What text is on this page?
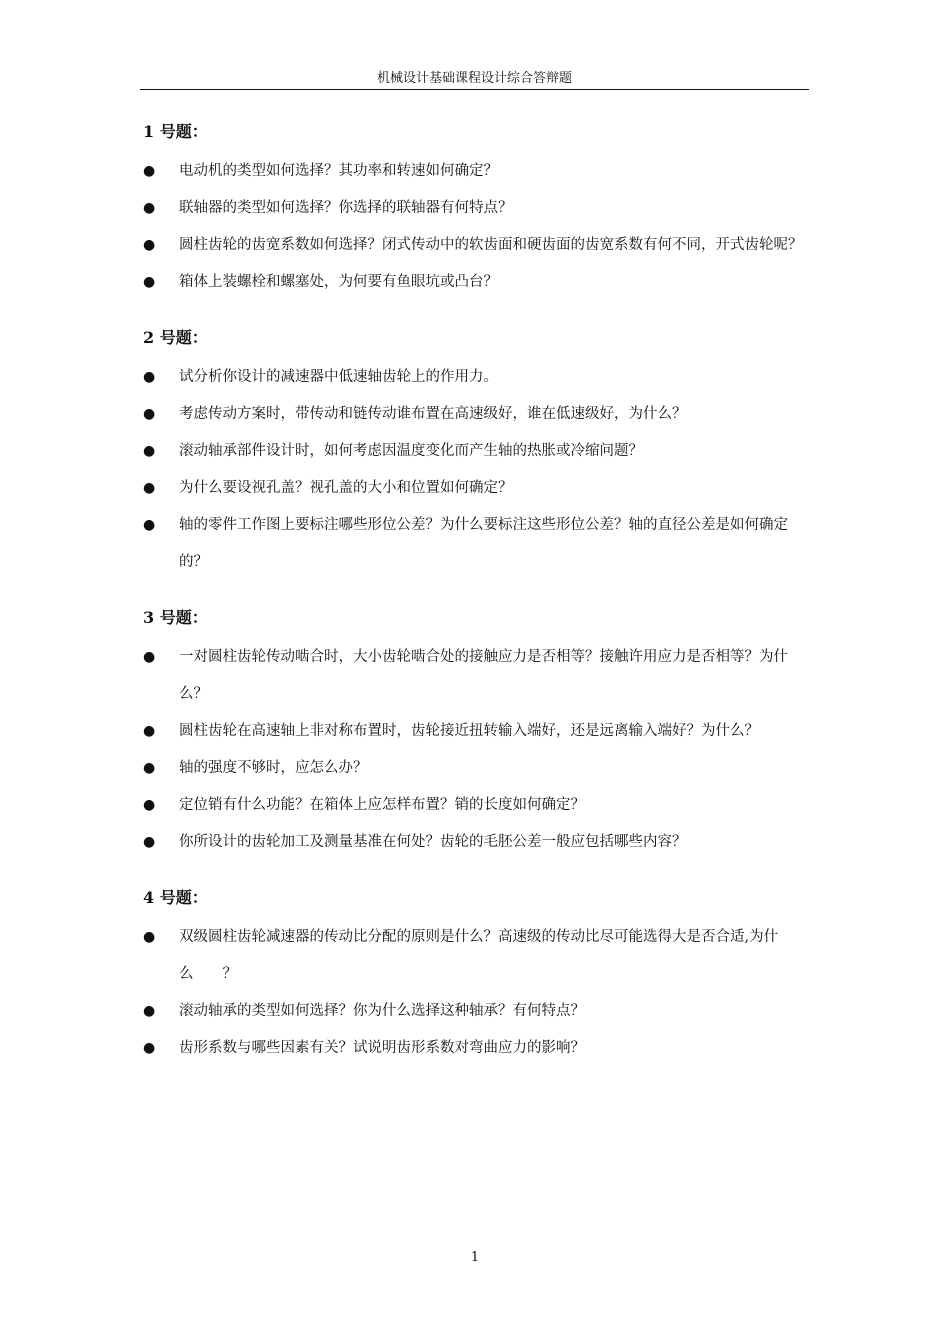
机械设计基础课程设计综合答辩题
1 号题：
●	电动机的类型如何选择？其功率和转速如何确定？
●	联轴器的类型如何选择？你选择的联轴器有何特点？
●	圆柱齿轮的齿宽系数如何选择？闭式传动中的软齿面和硬齿面的齿宽系数有何不同，开式齿轮呢？
●	箱体上装螺栓和螺塞处，为何要有鱼眼坑或凸台？
2 号题：
●	试分析你设计的减速器中低速轴齿轮上的作用力。
●	考虑传动方案时，带传动和链传动谁布置在高速级好，谁在低速级好，为什么？
●	滚动轴承部件设计时，如何考虑因温度变化而产生轴的热胀或冷缩问题？
●	为什么要设视孔盖？视孔盖的大小和位置如何确定？
●	轴的零件工作图上要标注哪些形位公差？为什么要标注这些形位公差？轴的直径公差是如何确定的？
3 号题：
●	一对圆柱齿轮传动啮合时，大小齿轮啮合处的接触应力是否相等？接触许用应力是否相等？为什么？
●	圆柱齿轮在高速轴上非对称布置时，齿轮接近扭转输入端好，还是远离输入端好？为什么？
●	轴的强度不够时，应怎么办？
●	定位销有什么功能？在箱体上应怎样布置？销的长度如何确定？
●	你所设计的齿轮加工及测量基准在何处？齿轮的毛胚公差一般应包括哪些内容？
4 号题：
●	双级圆柱齿轮减速器的传动比分配的原则是什么？高速级的传动比尽可能选得大是否合适,为什么　　？
●	滚动轴承的类型如何选择？你为什么选择这种轴承？有何特点？
●	齿形系数与哪些因素有关？试说明齿形系数对弯曲应力的影响？
1
